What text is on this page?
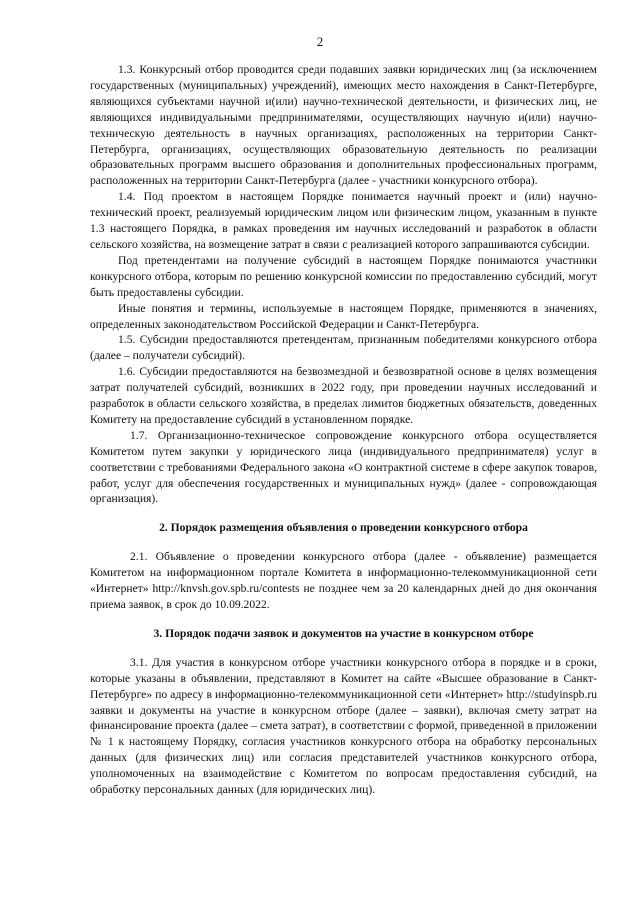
2

1.3. Конкурсный отбор проводится среди подавших заявки юридических лиц (за исключением государственных (муниципальных) учреждений), имеющих место нахождения в Санкт-Петербурге, являющихся субъектами научной и(или) научно-технической деятельности, и физических лиц, не являющихся индивидуальными предпринимателями, осуществляющих научную и(или) научно-техническую деятельность в научных организациях, расположенных на территории Санкт-Петербурга, организациях, осуществляющих образовательную деятельность по реализации образовательных программ высшего образования и дополнительных профессиональных программ, расположенных на территории Санкт-Петербурга (далее - участники конкурсного отбора).

1.4. Под проектом в настоящем Порядке понимается научный проект и (или) научно-технический проект, реализуемый юридическим лицом или физическим лицом, указанным в пункте 1.3 настоящего Порядка, в рамках проведения им научных исследований и разработок в области сельского хозяйства, на возмещение затрат в связи с реализацией которого запрашиваются субсидии.

Под претендентами на получение субсидий в настоящем Порядке понимаются участники конкурсного отбора, которым по решению конкурсной комиссии по предоставлению субсидий, могут быть предоставлены субсидии.

Иные понятия и термины, используемые в настоящем Порядке, применяются в значениях, определенных законодательством Российской Федерации и Санкт-Петербурга.

1.5. Субсидии предоставляются претендентам, признанным победителями конкурсного отбора (далее – получатели субсидий).

1.6. Субсидии предоставляются на безвозмездной и безвозвратной основе в целях возмещения затрат получателей субсидий, возникших в 2022 году, при проведении научных исследований и разработок в области сельского хозяйства, в пределах лимитов бюджетных обязательств, доведенных Комитету на предоставление субсидий в установленном порядке.

1.7. Организационно-техническое сопровождение конкурсного отбора осуществляется Комитетом путем закупки у юридического лица (индивидуального предпринимателя) услуг в соответствии с требованиями Федерального закона «О контрактной системе в сфере закупок товаров, работ, услуг для обеспечения государственных и муниципальных нужд» (далее - сопровождающая организация).

2. Порядок размещения объявления о проведении конкурсного отбора

2.1. Объявление о проведении конкурсного отбора (далее - объявление) размещается Комитетом на информационном портале Комитета в информационно-телекоммуникационной сети «Интернет» http://knvsh.gov.spb.ru/contests не позднее чем за 20 календарных дней до дня окончания приема заявок, в срок до 10.09.2022.

3. Порядок подачи заявок и документов на участие в конкурсном отборе

3.1. Для участия в конкурсном отборе участники конкурсного отбора в порядке и в сроки, которые указаны в объявлении, представляют в Комитет на сайте «Высшее образование в Санкт-Петербурге» по адресу в информационно-телекоммуникационной сети «Интернет» http://studyinspb.ru заявки и документы на участие в конкурсном отборе (далее – заявки), включая смету затрат на финансирование проекта (далее – смета затрат), в соответствии с формой, приведенной в приложении № 1 к настоящему Порядку, согласия участников конкурсного отбора на обработку персональных данных (для физических лиц) или согласия представителей участников конкурсного отбора, уполномоченных на взаимодействие с Комитетом по вопросам предоставления субсидий, на обработку персональных данных (для юридических лиц).
